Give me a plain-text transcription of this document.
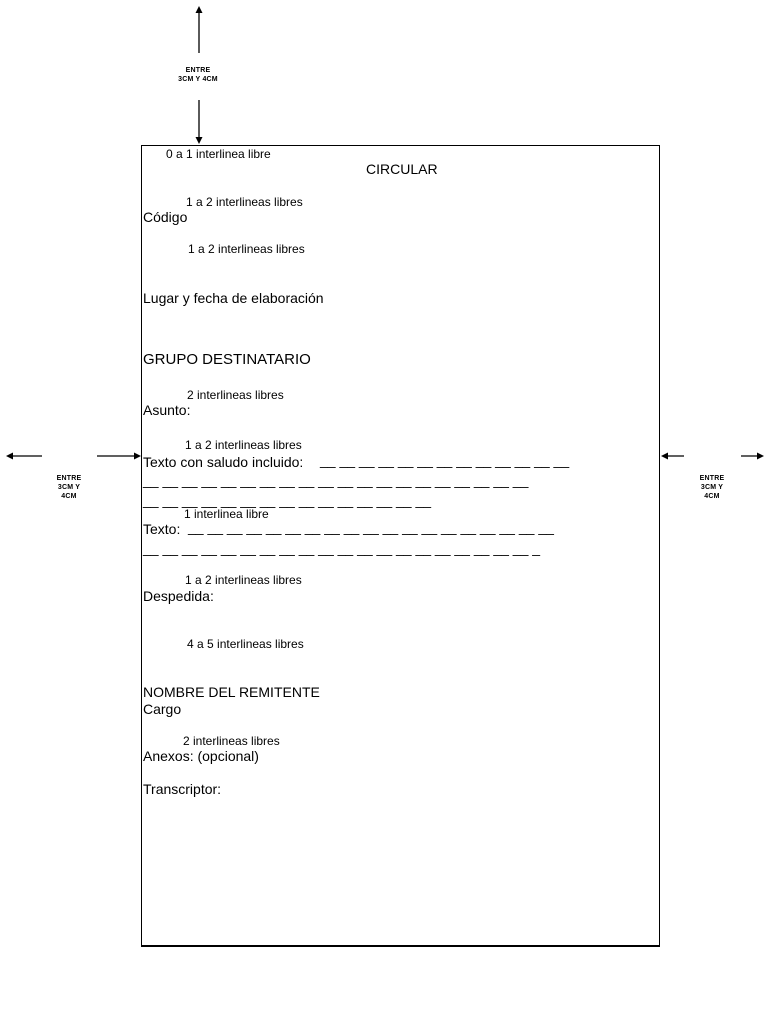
ENTRE
3CM Y 4CM
ENTRE
3CM Y
4CM
ENTRE
3CM Y
4CM
0 a 1 interlinea libre
CIRCULAR
1 a 2 interlineas libres
Código
1 a 2 interlineas libres
Lugar y fecha de elaboración
GRUPO DESTINATARIO
2 interlineas libres
Asunto:
1 a 2 interlineas libres
Texto con saludo incluido: __ __ __ __ __ __ __ __ __ __ __ __ __
__ __ __ __ __ __ __ __ __ __ __ __ __ __ __ __ __ __ __ __
__ __ __ __ __ __ __ __ __ __ __ __ __ __ __
1 interlinea libre
Texto: __ __ __ __ __ __ __ __ __ __ __ __ __ __ __ __ __ __ __
__ __ __ __ __ __ __ __ __ __ __ __ __ __ __ __ __ __ __ __ _
1 a 2 interlineas libres
Despedida:
4 a 5 interlineas libres
NOMBRE DEL REMITENTE
Cargo
2 interlineas libres
Anexos: (opcional)
Transcriptor:
